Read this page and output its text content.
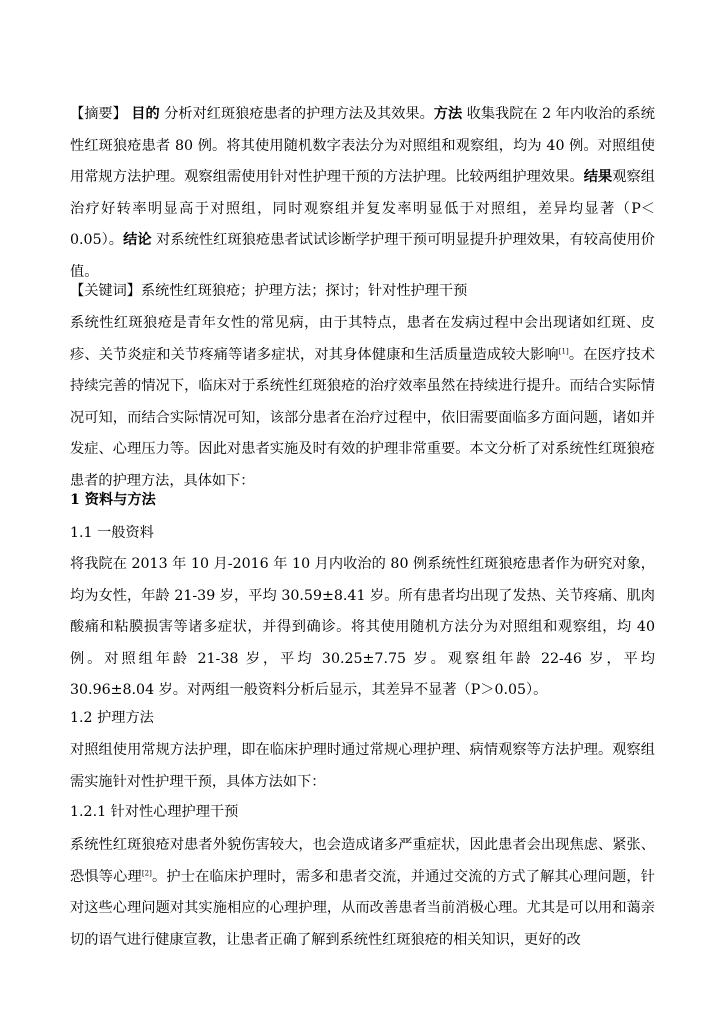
【摘要】 目的 分析对红斑狼疮患者的护理方法及其效果。方法 收集我院在 2 年内收治的系统性红斑狼疮患者 80 例。将其使用随机数字表法分为对照组和观察组，均为 40 例。对照组使用常规方法护理。观察组需使用针对性护理干预的方法护理。比较两组护理效果。结果观察组治疗好转率明显高于对照组，同时观察组并复发率明显低于对照组，差异均显著（P＜0.05）。结论 对系统性红斑狼疮患者试试诊断学护理干预可明显提升护理效果，有较高使用价值。

【关键词】系统性红斑狼疮；护理方法；探讨；针对性护理干预

系统性红斑狼疮是青年女性的常见病，由于其特点，患者在发病过程中会出现诸如红斑、皮疹、关节炎症和关节疼痛等诸多症状，对其身体健康和生活质量造成较大影响[1]。在医疗技术持续完善的情况下，临床对于系统性红斑狼疮的治疗效率虽然在持续进行提升。而结合实际情况可知，而结合实际情况可知，该部分患者在治疗过程中，依旧需要面临多方面问题，诸如并发症、心理压力等。因此对患者实施及时有效的护理非常重要。本文分析了对系统性红斑狼疮患者的护理方法，具体如下：

1 资料与方法

1.1 一般资料

将我院在 2013 年 10 月-2016 年 10 月内收治的 80 例系统性红斑狼疮患者作为研究对象，均为女性，年龄 21-39 岁，平均 30.59±8.41 岁。所有患者均出现了发热、关节疼痛、肌肉酸痛和粘膜损害等诸多症状，并得到确诊。将其使用随机方法分为对照组和观察组，均 40 例。对照组年龄 21-38 岁，平均 30.25±7.75 岁。观察组年龄 22-46 岁，平均 30.96±8.04 岁。对两组一般资料分析后显示，其差异不显著（P＞0.05）。

1.2 护理方法

对照组使用常规方法护理，即在临床护理时通过常规心理护理、病情观察等方法护理。观察组需实施针对性护理干预，具体方法如下：

1.2.1 针对性心理护理干预

系统性红斑狼疮对患者外貌伤害较大，也会造成诸多严重症状，因此患者会出现焦虑、紧张、恐惧等心理[2]。护士在临床护理时，需多和患者交流，并通过交流的方式了解其心理问题，针对这些心理问题对其实施相应的心理护理，从而改善患者当前消极心理。尤其是可以用和蔼亲切的语气进行健康宣教，让患者正确了解到系统性红斑狼疮的相关知识，更好的改
